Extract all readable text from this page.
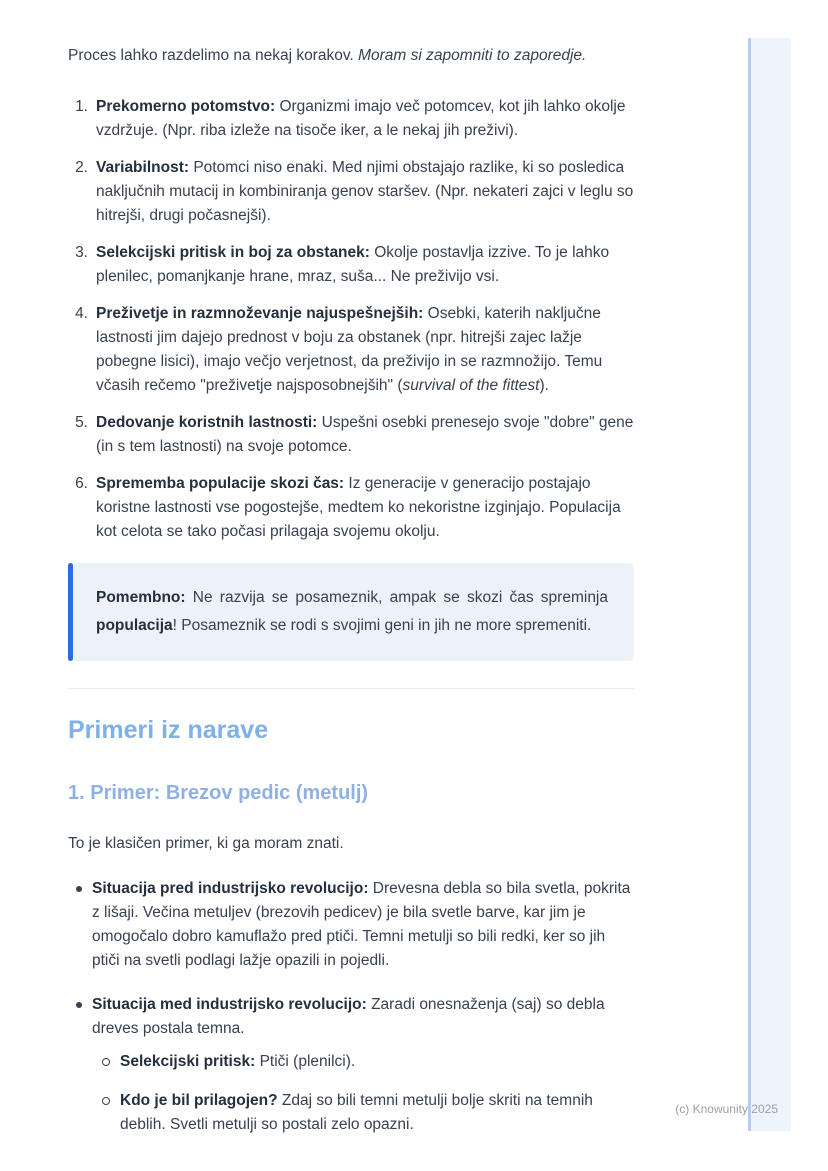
Proces lahko razdelimo na nekaj korakov. Moram si zapomniti to zaporedje.

1. Prekomerno potomstvo: Organizmi imajo več potomcev, kot jih lahko okolje vzdržuje. (Npr. riba izleže na tisoče iker, a le nekaj jih preživi).
2. Variabilnost: Potomci niso enaki. Med njimi obstajajo razlike, ki so posledica naključnih mutacij in kombiniranja genov staršev. (Npr. nekateri zajci v leglu so hitrejši, drugi počasnejši).
3. Selekcijski pritisk in boj za obstanek: Okolje postavlja izzive. To je lahko plenilec, pomanjkanje hrane, mraz, suša... Ne preživijo vsi.
4. Preživetje in razmnoževanje najuspešnejših: Osebki, katerih naključne lastnosti jim dajejo prednost v boju za obstanek (npr. hitrejši zajec lažje pobegne lisici), imajo večjo verjetnost, da preživijo in se razmnožijo. Temu včasih rečemo "preživetje najsposobnejših" (survival of the fittest).
5. Dedovanje koristnih lastnosti: Uspešni osebki prenesejo svoje "dobre" gene (in s tem lastnosti) na svoje potomce.
6. Sprememba populacije skozi čas: Iz generacije v generacijo postajajo koristne lastnosti vse pogostejše, medtem ko nekoristne izginjajo. Populacija kot celota se tako počasi prilagaja svojemu okolju.
Pomembno: Ne razvija se posameznik, ampak se skozi čas spreminja populacija! Posameznik se rodi s svojimi geni in jih ne more spremeniti.
Primeri iz narave
1. Primer: Brezov pedic (metulj)

To je klasičen primer, ki ga moram znati.

Situacija pred industrijsko revolucijo: Drevesna debla so bila svetla, pokrita z lišaji. Večina metuljev (brezovih pedicev) je bila svetle barve, kar jim je omogočalo dobro kamuflažo pred ptiči. Temni metulji so bili redki, ker so jih ptiči na svetli podlagi lažje opazili in pojedli.
Situacija med industrijsko revolucijo: Zaradi onesnaženja (saj) so debla dreves postala temna.
Selekcijski pritisk: Ptiči (plenilci).
Kdo je bil prilagojen? Zdaj so bili temni metulji bolje skriti na temnih deblih. Svetli metulji so postali zelo opazni.
(c) Knowunity 2025
